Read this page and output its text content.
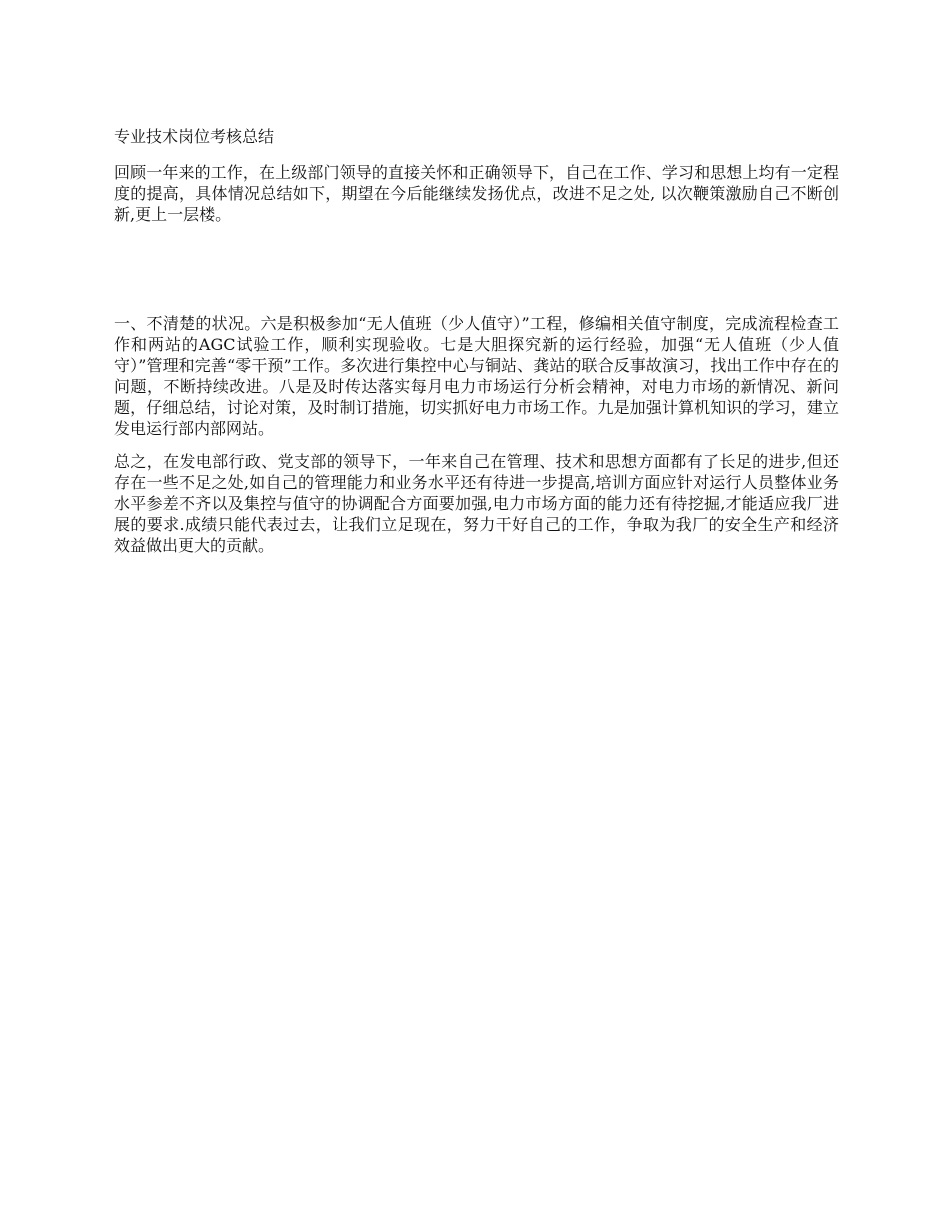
专业技术岗位考核总结

回顾一年来的工作，在上级部门领导的直接关怀和正确领导下，自己在工作、学习和思想上均有一定程度的提高，具体情况总结如下，期望在今后能继续发扬优点，改进不足之处, 以次鞭策激励自己不断创新,更上一层楼。

一、不清楚的状况。六是积极参加“无人值班（少人值守）”工程，修编相关值守制度，完成流程检查工作和两站的AGC试验工作，顺利实现验收。七是大胆探究新的运行经验，加强“无人值班（少人值守）”管理和完善“零干预”工作。多次进行集控中心与铜站、龚站的联合反事故演习，找出工作中存在的问题，不断持续改进。八是及时传达落实每月电力市场运行分析会精神，对电力市场的新情况、新问题，仔细总结，讨论对策，及时制订措施，切实抓好电力市场工作。九是加强计算机知识的学习，建立发电运行部内部网站。

总之，在发电部行政、党支部的领导下，一年来自己在管理、技术和思想方面都有了长足的进步,但还存在一些不足之处,如自己的管理能力和业务水平还有待进一步提高,培训方面应针对运行人员整体业务水平参差不齐以及集控与值守的协调配合方面要加强,电力市场方面的能力还有待挖掘,才能适应我厂进展的要求.成绩只能代表过去，让我们立足现在，努力干好自己的工作，争取为我厂的安全生产和经济效益做出更大的贡献。
